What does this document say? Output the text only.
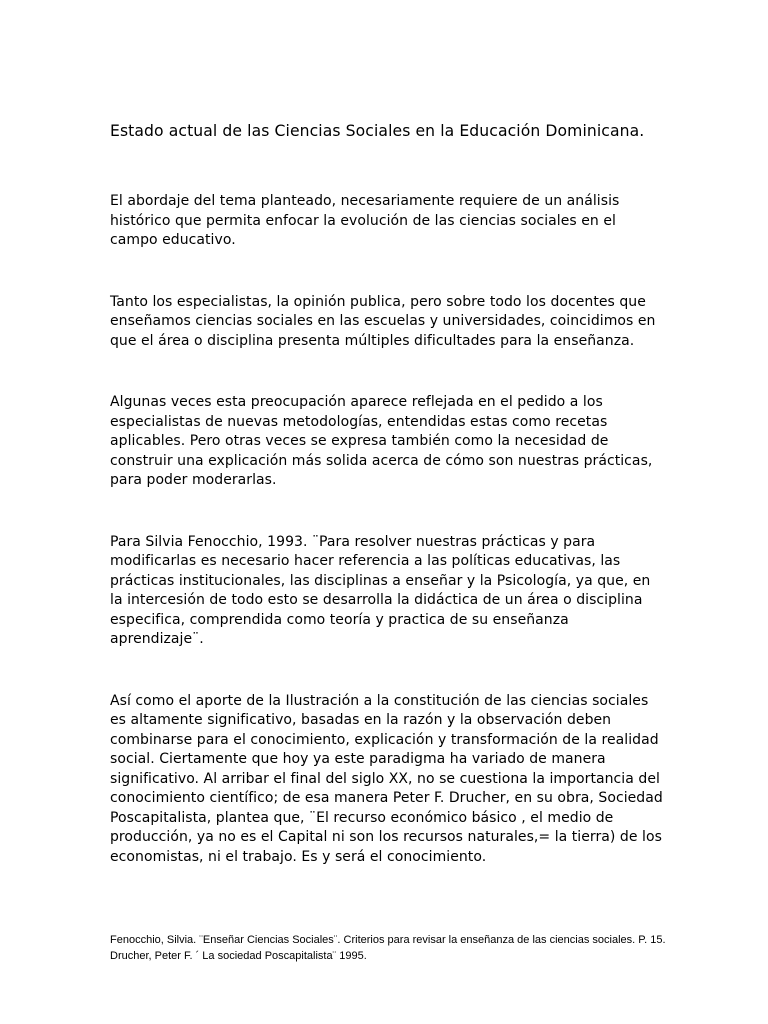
Estado actual de las Ciencias Sociales en la Educación Dominicana.

El abordaje del tema planteado, necesariamente requiere de un análisis histórico que permita enfocar la evolución de las ciencias sociales en el campo educativo.

Tanto los especialistas, la opinión publica, pero sobre todo los docentes que enseñamos ciencias sociales en las escuelas y universidades, coincidimos en que el área o disciplina presenta múltiples dificultades para la enseñanza.

Algunas veces esta preocupación aparece reflejada en el pedido a los especialistas de nuevas metodologías, entendidas estas como recetas aplicables. Pero otras veces se expresa también como la necesidad de construir una explicación más solida acerca de cómo son nuestras prácticas, para poder moderarlas.

Para Silvia Fenocchio, 1993. ¨Para resolver nuestras prácticas y para modificarlas es necesario hacer referencia a las políticas educativas, las prácticas institucionales, las disciplinas a enseñar y la Psicología, ya que, en la intercesión de todo esto se desarrolla la didáctica de un área o disciplina especifica, comprendida como teoría y practica de su enseñanza aprendizaje¨.

Así como el aporte de la Ilustración a la constitución de las ciencias sociales es altamente significativo, basadas en la razón y la observación deben combinarse para el conocimiento, explicación y transformación de la realidad social. Ciertamente que hoy ya este paradigma ha variado de manera significativo. Al arribar el final del siglo XX, no se cuestiona la importancia del conocimiento científico; de esa manera Peter F. Drucher, en su obra, Sociedad Poscapitalista, plantea que, ¨El recurso económico básico , el medio de producción, ya no es el Capital ni son los recursos naturales,= la tierra) de los economistas, ni el trabajo. Es y será el conocimiento.

Fenocchio, Silvia. ¨Enseñar Ciencias Sociales¨. Criterios para revisar la enseñanza de las ciencias sociales. P. 15.

Drucher, Peter F. ´ La sociedad Poscapitalista¨ 1995.
